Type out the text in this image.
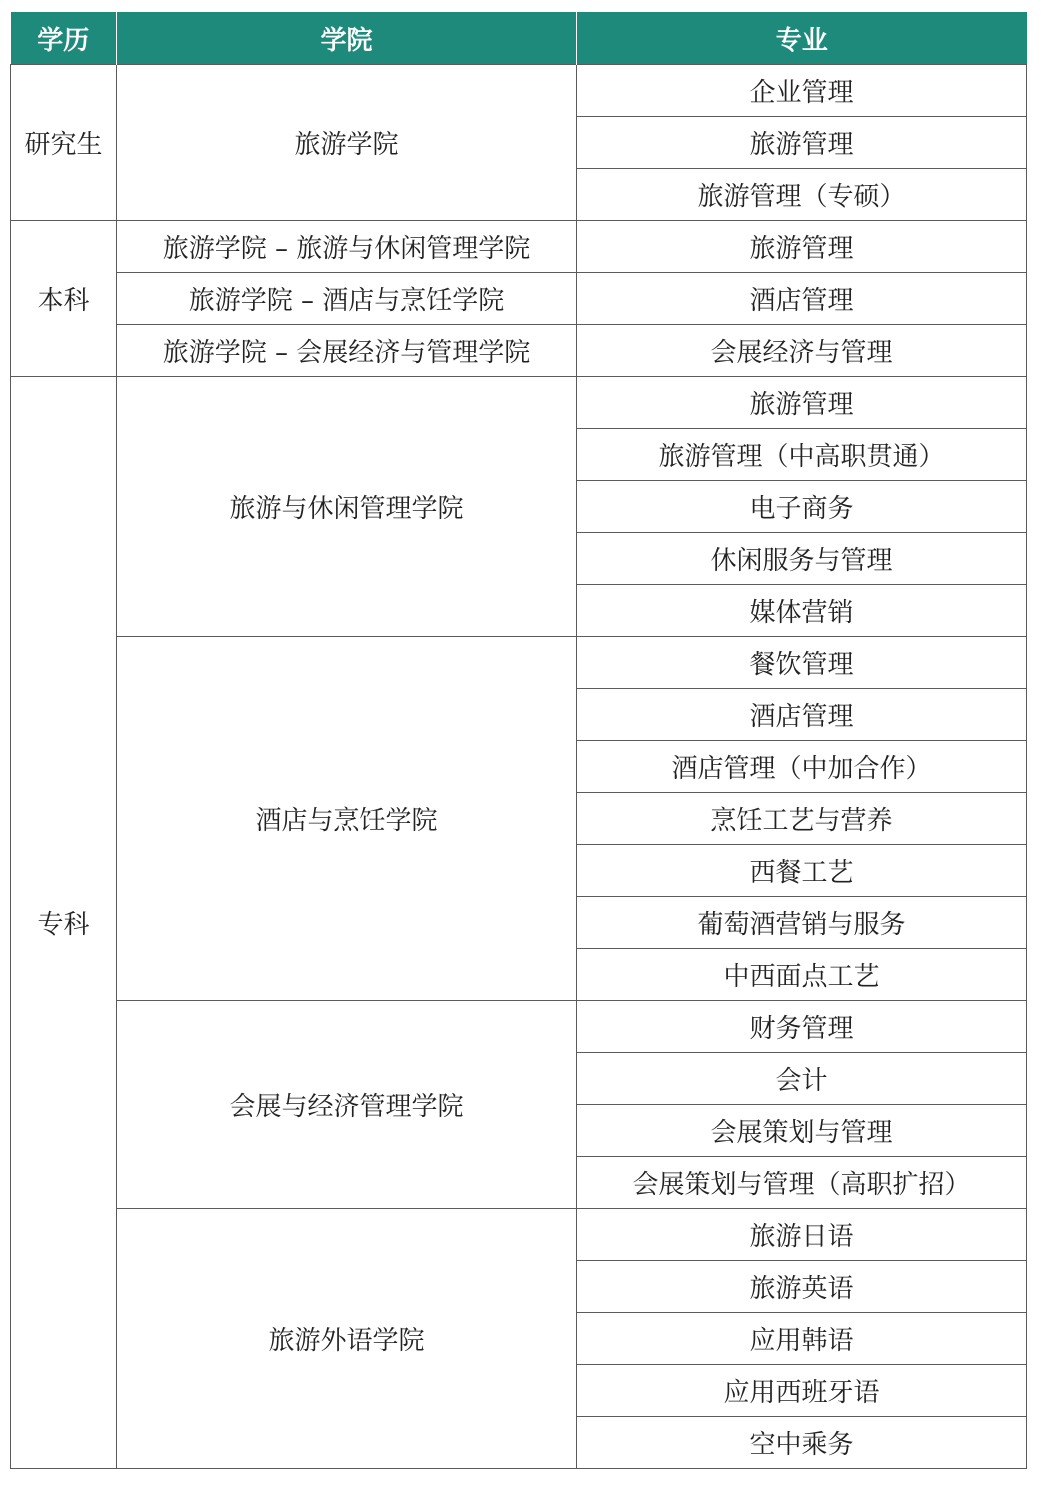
学历	学院	专业
研究生	旅游学院	企业管理
		旅游管理
		旅游管理（专硕）
本科	旅游学院 – 旅游与休闲管理学院	旅游管理
	旅游学院 – 酒店与烹饪学院	酒店管理
	旅游学院 – 会展经济与管理学院	会展经济与管理
专科	旅游与休闲管理学院	旅游管理
		旅游管理（中高职贯通）
		电子商务
		休闲服务与管理
		媒体营销
	酒店与烹饪学院	餐饮管理
		酒店管理
		酒店管理（中加合作）
		烹饪工艺与营养
		西餐工艺
		葡萄酒营销与服务
		中西面点工艺
	会展与经济管理学院	财务管理
		会计
		会展策划与管理
		会展策划与管理（高职扩招）
	旅游外语学院	旅游日语
		旅游英语
		应用韩语
		应用西班牙语
		空中乘务
